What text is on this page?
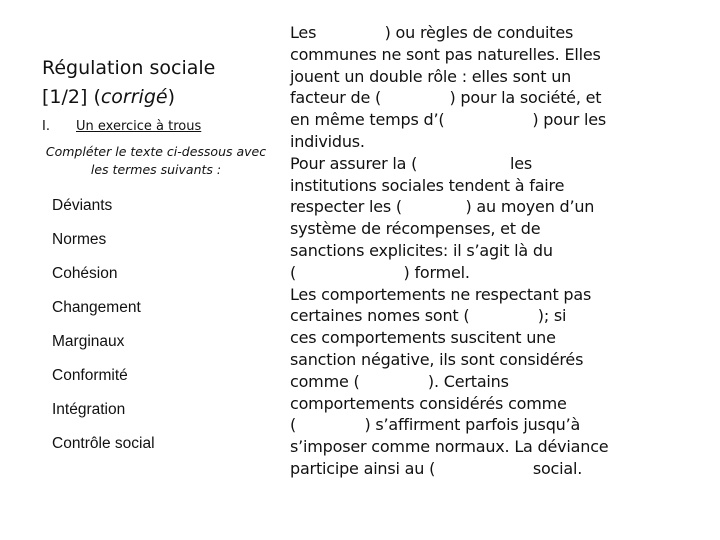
Régulation sociale
[1/2] (corrigé)
I. Un exercice à trous
Compléter le texte ci-dessous avec
les termes suivants :
Déviants
Normes
Cohésion
Changement
Marginaux
Conformité
Intégration
Contrôle social

Les              ) ou règles de conduites
communes ne sont pas naturelles. Elles
jouent un double rôle : elles sont un
facteur de (              ) pour la société, et
en même temps d’(                  ) pour les
individus.

Pour assurer la (                   les
institutions sociales tendent à faire
respecter les (             ) au moyen d’un
système de récompenses, et de
sanctions explicites: il s’agit là du
(                      ) formel.

Les comportements ne respectant pas
certaines nomes sont (              ); si
ces comportements suscitent une
sanction négative, ils sont considérés
comme (              ). Certains
comportements considérés comme
(              ) s’affirment parfois jusqu’à
s’imposer comme normaux. La déviance
participe ainsi au (                    social.
